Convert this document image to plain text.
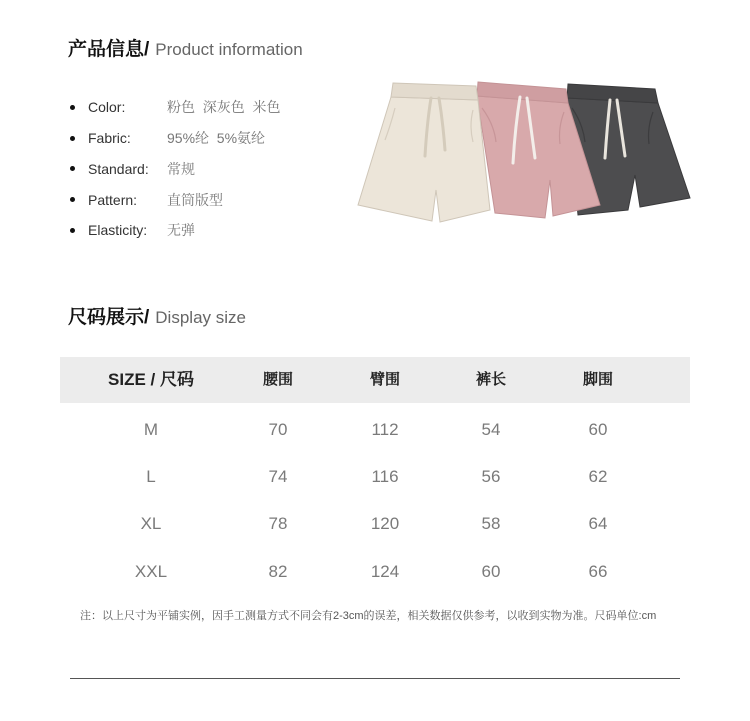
产品信息/ Product information
Color:	粉色  深灰色  米色
Fabric:	95%纶  5%氨纶
Standard:	常规
Pattern:	直筒版型
Elasticity:	无弹
尺码展示/ Display size
SIZE / 尺码	腰围	臂围	裤长	脚围
M	70	112	54	60
L	74	116	56	62
XL	78	120	58	64
XXL	82	124	60	66
注：以上尺寸为平铺实例，因手工测量方式不同会有2-3cm的误差，相关数据仅供参考，以收到实物为准。尺码单位:cm
